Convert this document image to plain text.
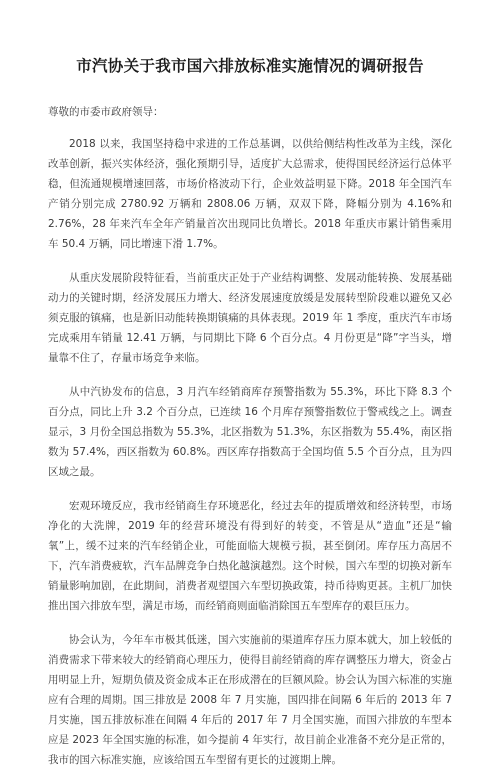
市汽协关于我市国六排放标准实施情况的调研报告
尊敬的市委市政府领导：
2018 以来，我国坚持稳中求进的工作总基调，以供给侧结构性改革为主线，深化改革创新，振兴实体经济，强化预期引导，适度扩大总需求，使得国民经济运行总体平稳，但流通规模增速回落，市场价格波动下行，企业效益明显下降。2018 年全国汽车产销分别完成 2780.92 万辆和 2808.06 万辆，双双下降，降幅分别为 4.16%和 2.76%，28 年来汽车全年产销量首次出现同比负增长。2018 年重庆市累计销售乘用车 50.4 万辆，同比增速下滑 1.7%。
从重庆发展阶段特征看，当前重庆正处于产业结构调整、发展动能转换、发展基础动力的关键时期，经济发展压力增大、经济发展速度放缓是发展转型阶段难以避免又必须克服的镇痛，也是新旧动能转换期镇痛的具体表现。2019 年 1 季度，重庆汽车市场完成乘用车销量 12.41 万辆，与同期比下降 6 个百分点。4 月份更是“降”字当头，增量靠不住了，存量市场竞争来临。
从中汽协发布的信息，3 月汽车经销商库存预警指数为 55.3%，环比下降 8.3 个百分点，同比上升 3.2 个百分点，已连续 16 个月库存预警指数位于警戒线之上。调查显示，3 月份全国总指数为 55.3%，北区指数为 51.3%，东区指数为 55.4%，南区指数为 57.4%，西区指数为 60.8%。西区库存指数高于全国均值 5.5 个百分点，且为四区域之最。
宏观环境反应，我市经销商生存环境恶化，经过去年的提质增效和经济转型，市场净化的大洗牌，2019 年的经营环境没有得到好的转变，不管是从“造血”还是“输氧”上，缓不过来的汽车经销企业，可能面临大规模亏损，甚至倒闭。库存压力高居不下，汽车消费疲软，汽车品牌竞争白热化越演越烈。这个时候，国六车型的切换对新车销量影响加剧，在此期间，消费者观望国六车型切换政策，持币待购更甚。主机厂加快推出国六排放车型，满足市场，而经销商则面临消除国五车型库存的艰巨压力。
协会认为，今年车市极其低迷，国六实施前的渠道库存压力原本就大，加上较低的消费需求下带来较大的经销商心理压力，使得目前经销商的库存调整压力增大，资金占用明显上升，短期负债及资金成本正在形成潜在的巨额风险。协会认为国六标准的实施应有合理的周期。国三排放是 2008 年 7 月实施，国四排在间隔 6 年后的 2013 年 7 月实施，国五排放标准在间隔 4 年后的 2017 年 7 月全国实施，而国六排放的车型本应是 2023 年全国实施的标准，如今提前 4 年实行，故目前企业准备不充分是正常的，我市的国六标准实施，应该给国五车型留有更长的过渡期上牌。
